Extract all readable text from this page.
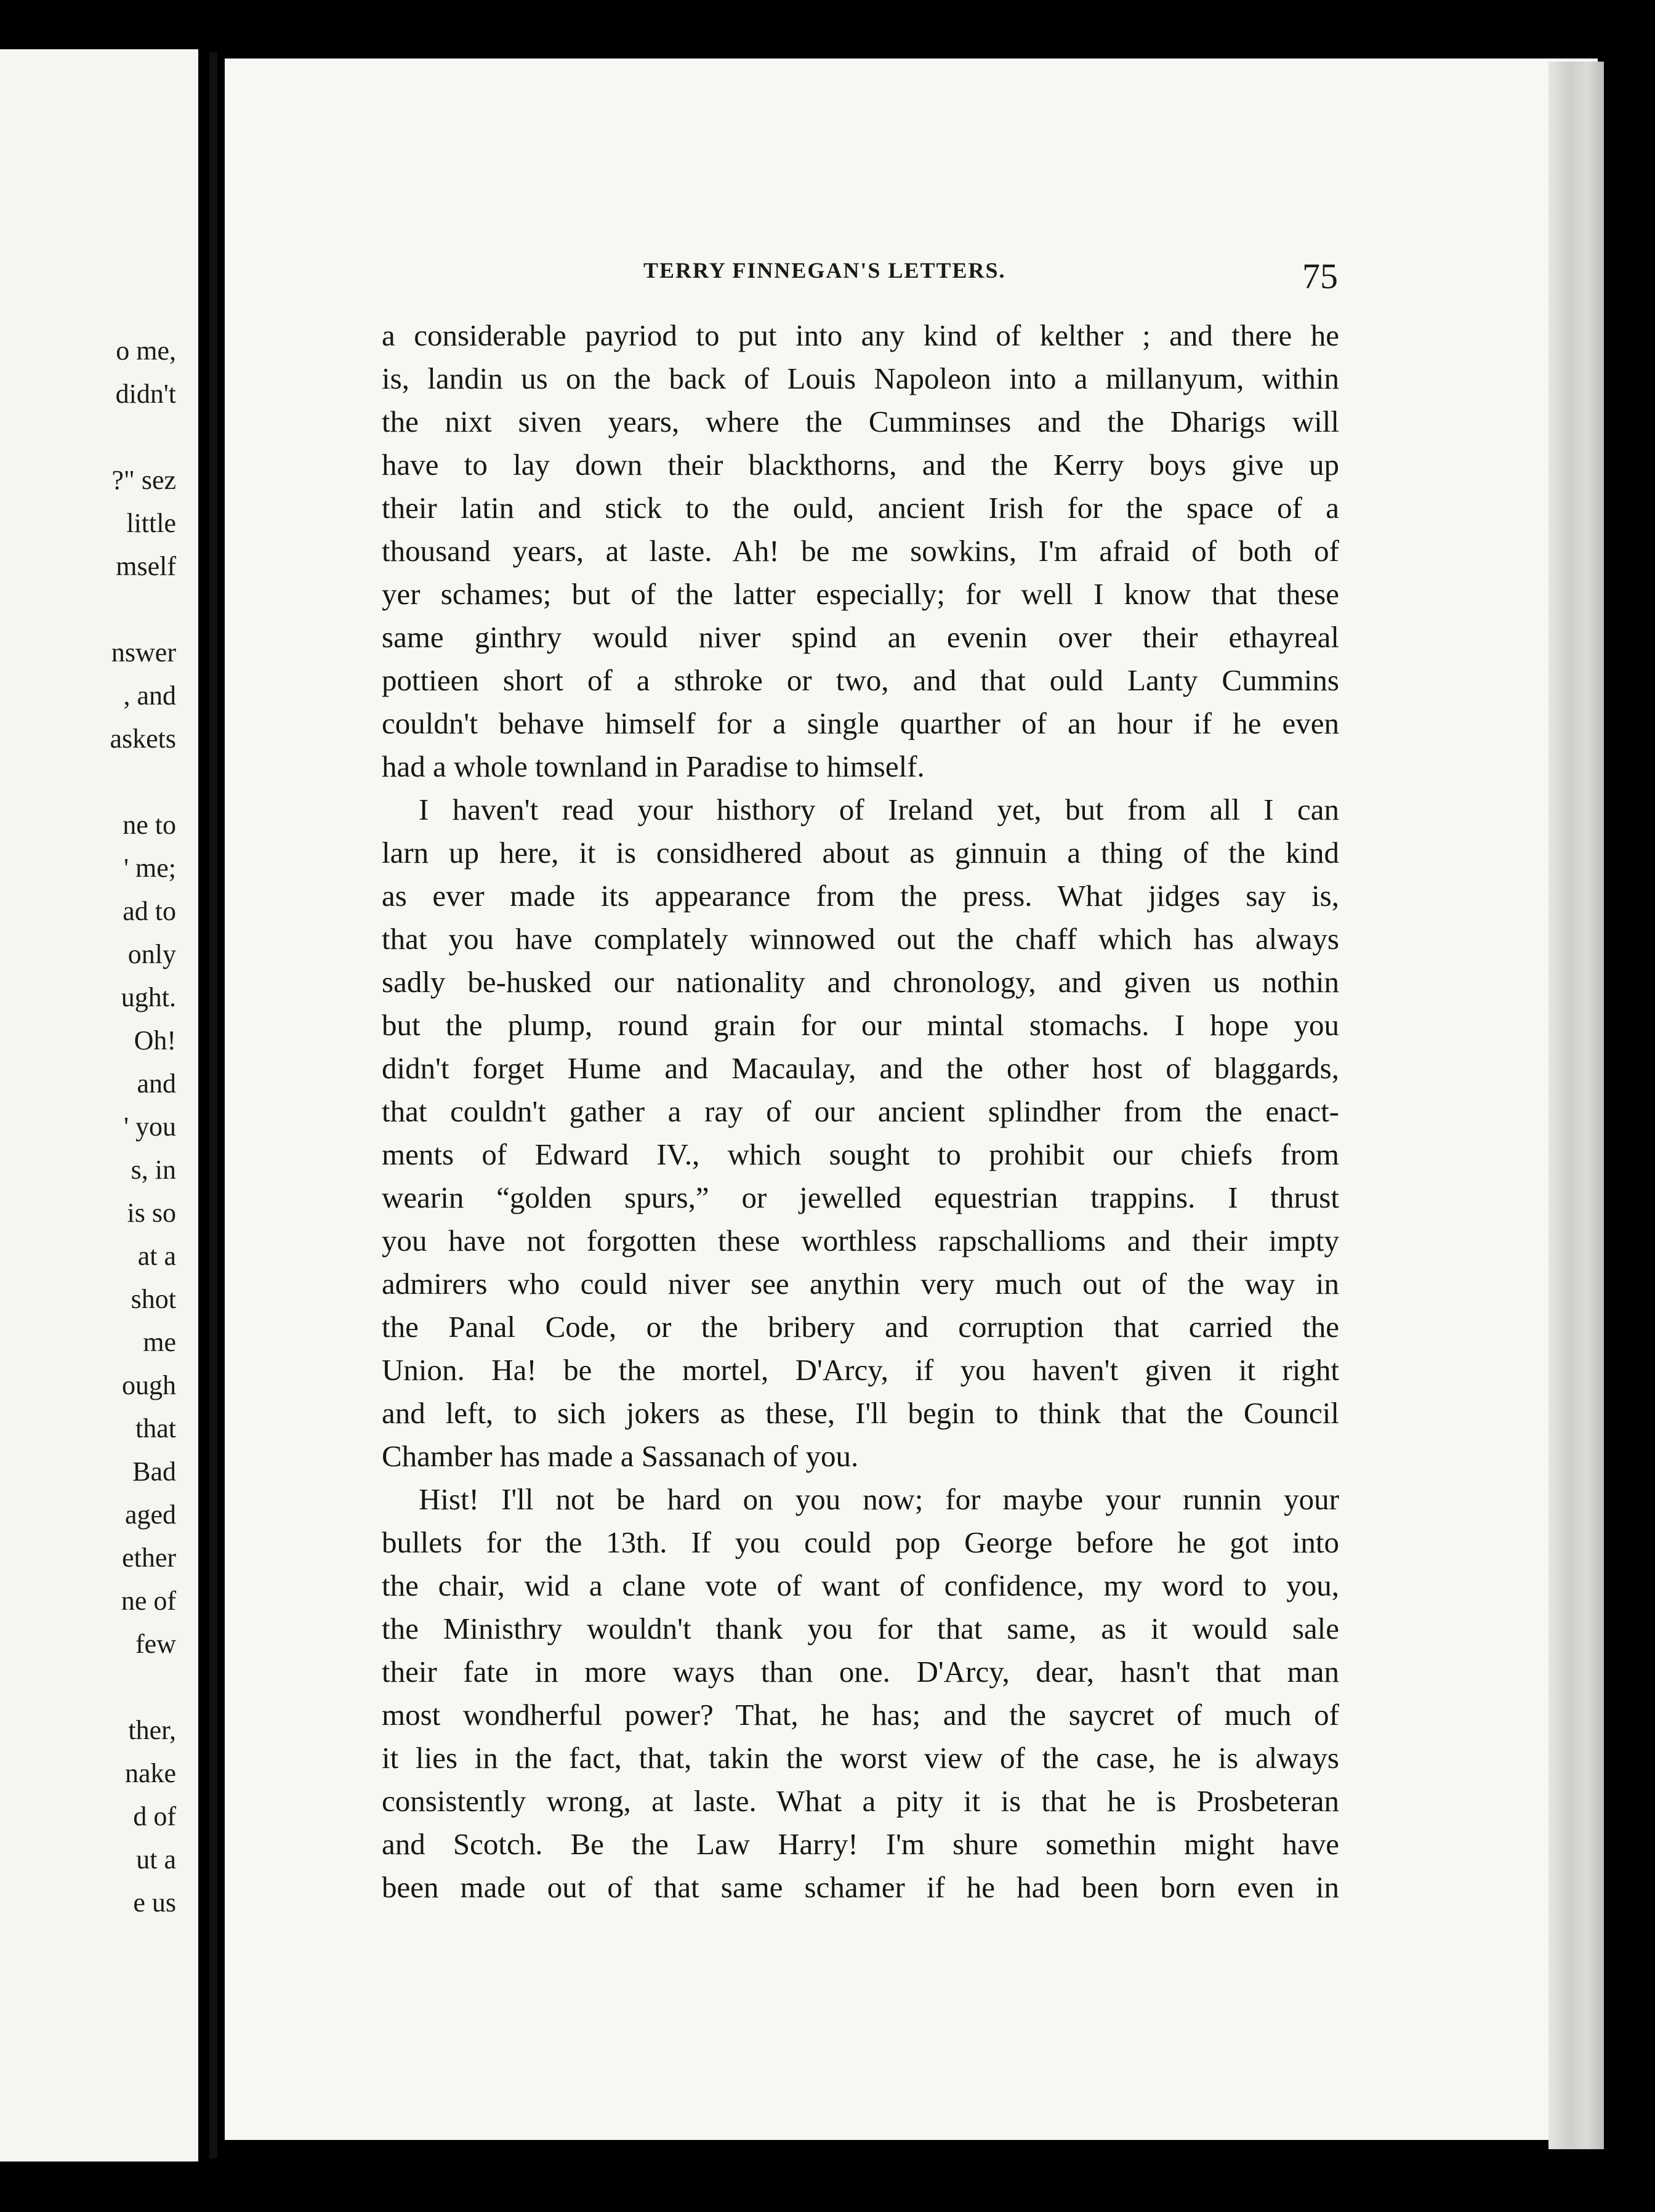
o me,
didn't

?" sez
little
mself

nswer
, and
askets

ne to
' me;
ad to
only
ught.
Oh!
and
' you
s, in
is so
at a
shot
me
ough
that
Bad
aged
ether
ne of
few

ther,
nake
d of
ut a
e us
TERRY FINNEGAN'S LETTERS.	75
a considerable payriod to put into any kind of kelther ; and there he
is, landin us on the back of Louis Napoleon into a millanyum, within
the nixt siven years, where the Cumminses and the Dharigs will
have to lay down their blackthorns, and the Kerry boys give up
their latin and stick to the ould, ancient Irish for the space of a
thousand years, at laste. Ah! be me sowkins, I'm afraid of both of
yer schames; but of the latter especially; for well I know that these
same ginthry would niver spind an evenin over their ethayreal
pottieen short of a sthroke or two, and that ould Lanty Cummins
couldn't behave himself for a single quarther of an hour if he even
had a whole townland in Paradise to himself.
I haven't read your histhory of Ireland yet, but from all I can
larn up here, it is considhered about as ginnuin a thing of the kind
as ever made its appearance from the press. What jidges say is,
that you have complately winnowed out the chaff which has always
sadly be-husked our nationality and chronology, and given us nothin
but the plump, round grain for our mintal stomachs. I hope you
didn't forget Hume and Macaulay, and the other host of blaggards,
that couldn't gather a ray of our ancient splindher from the enact-
ments of Edward IV., which sought to prohibit our chiefs from
wearin “golden spurs,” or jewelled equestrian trappins. I thrust
you have not forgotten these worthless rapschallioms and their impty
admirers who could niver see anythin very much out of the way in
the Panal Code, or the bribery and corruption that carried the
Union. Ha! be the mortel, D'Arcy, if you haven't given it right
and left, to sich jokers as these, I'll begin to think that the Council
Chamber has made a Sassanach of you.
Hist! I'll not be hard on you now; for maybe your runnin your
bullets for the 13th. If you could pop George before he got into
the chair, wid a clane vote of want of confidence, my word to you,
the Ministhry wouldn't thank you for that same, as it would sale
their fate in more ways than one. D'Arcy, dear, hasn't that man
most wondherful power? That, he has; and the saycret of much of
it lies in the fact, that, takin the worst view of the case, he is always
consistently wrong, at laste. What a pity it is that he is Prosbeteran
and Scotch. Be the Law Harry! I'm shure somethin might have
been made out of that same schamer if he had been born even in
